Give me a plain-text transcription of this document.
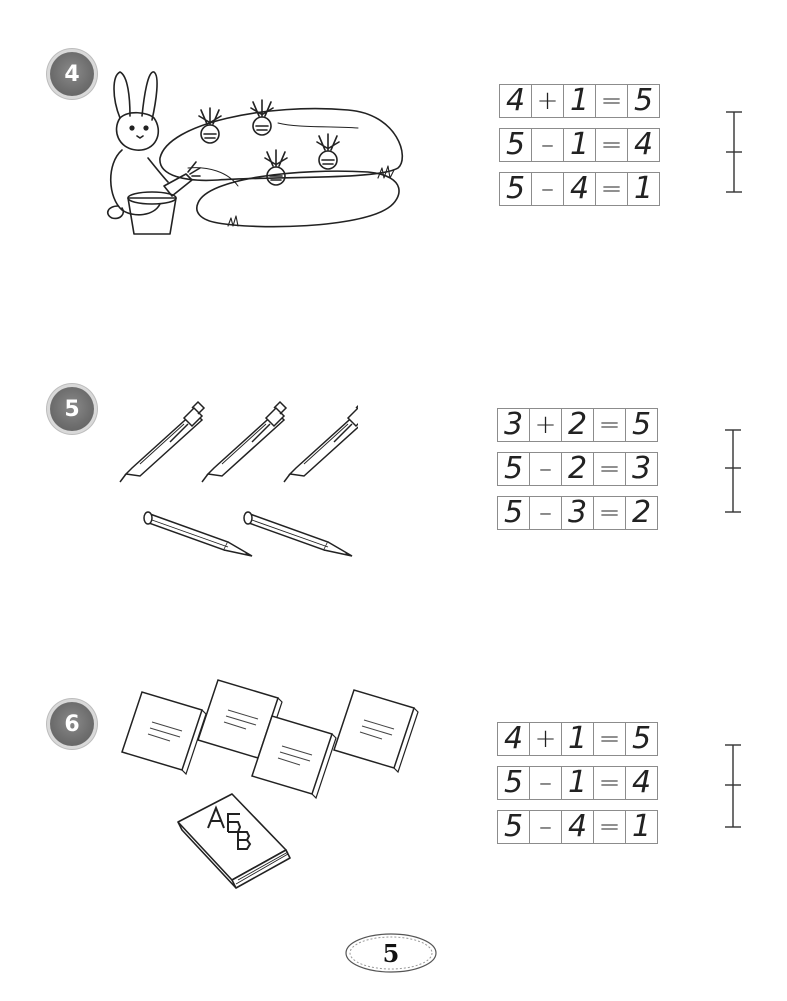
4
4 + 1 = 5
5 – 1 = 4
5 – 4 = 1
5	3 + 2 = 5
5 – 2 = 3
5 – 3 = 2
6	4 + 1 = 5
5 – 1 = 4
5 – 4 = 1
5
